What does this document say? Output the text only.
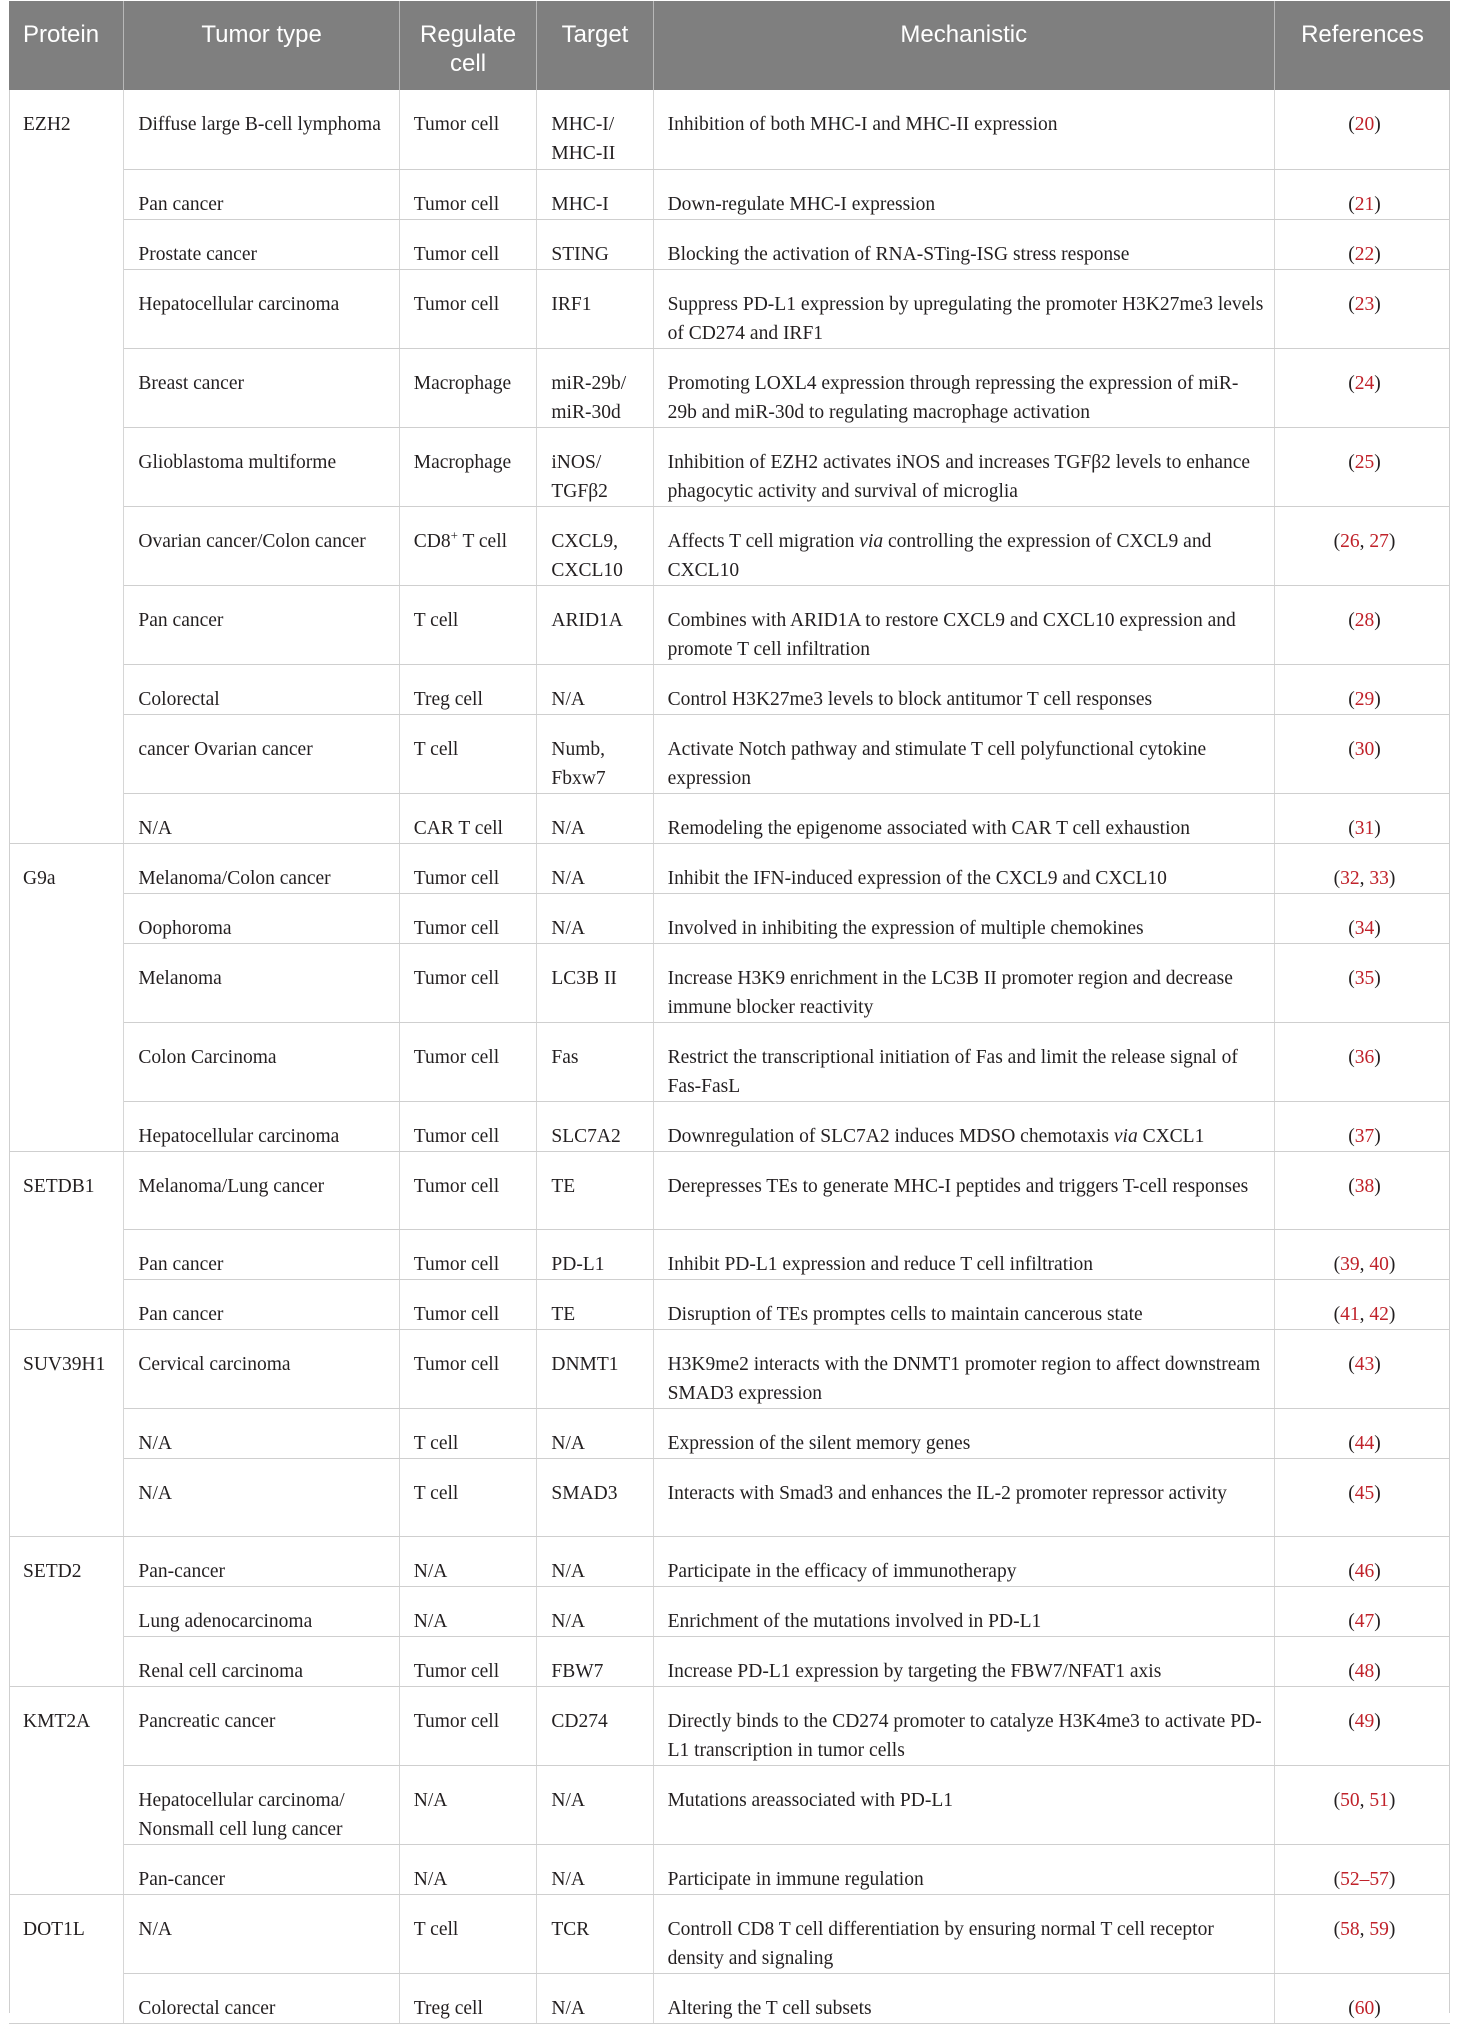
Protein	Tumor type	Regulate cell	Target	Mechanistic	References
EZH2	Diffuse large B-cell lymphoma	Tumor cell	MHC-I/ MHC-II	Inhibition of both MHC-I and MHC-II expression	(20)
	Pan cancer	Tumor cell	MHC-I	Down-regulate MHC-I expression	(21)
	Prostate cancer	Tumor cell	STING	Blocking the activation of RNA-STing-ISG stress response	(22)
	Hepatocellular carcinoma	Tumor cell	IRF1	Suppress PD-L1 expression by upregulating the promoter H3K27me3 levels of CD274 and IRF1	(23)
	Breast cancer	Macrophage	miR-29b/ miR-30d	Promoting LOXL4 expression through repressing the expression of miR-29b and miR-30d to regulating macrophage activation	(24)
	Glioblastoma multiforme	Macrophage	iNOS/ TGFβ2	Inhibition of EZH2 activates iNOS and increases TGFβ2 levels to enhance phagocytic activity and survival of microglia	(25)
	Ovarian cancer/Colon cancer	CD8+ T cell	CXCL9, CXCL10	Affects T cell migration via controlling the expression of CXCL9 and CXCL10	(26, 27)
	Pan cancer	T cell	ARID1A	Combines with ARID1A to restore CXCL9 and CXCL10 expression and promote T cell infiltration	(28)
	Colorectal	Treg cell	N/A	Control H3K27me3 levels to block antitumor T cell responses	(29)
	cancer Ovarian cancer	T cell	Numb, Fbxw7	Activate Notch pathway and stimulate T cell polyfunctional cytokine expression	(30)
	N/A	CAR T cell	N/A	Remodeling the epigenome associated with CAR T cell exhaustion	(31)
G9a	Melanoma/Colon cancer	Tumor cell	N/A	Inhibit the IFN-induced expression of the CXCL9 and CXCL10	(32, 33)
	Oophoroma	Tumor cell	N/A	Involved in inhibiting the expression of multiple chemokines	(34)
	Melanoma	Tumor cell	LC3B II	Increase H3K9 enrichment in the LC3B II promoter region and decrease immune blocker reactivity	(35)
	Colon Carcinoma	Tumor cell	Fas	Restrict the transcriptional initiation of Fas and limit the release signal of Fas-FasL	(36)
	Hepatocellular carcinoma	Tumor cell	SLC7A2	Downregulation of SLC7A2 induces MDSO chemotaxis via CXCL1	(37)
SETDB1	Melanoma/Lung cancer	Tumor cell	TE	Derepresses TEs to generate MHC-I peptides and triggers T-cell responses	(38)
	Pan cancer	Tumor cell	PD-L1	Inhibit PD-L1 expression and reduce T cell infiltration	(39, 40)
	Pan cancer	Tumor cell	TE	Disruption of TEs promptes cells to maintain cancerous state	(41, 42)
SUV39H1	Cervical carcinoma	Tumor cell	DNMT1	H3K9me2 interacts with the DNMT1 promoter region to affect downstream SMAD3 expression	(43)
	N/A	T cell	N/A	Expression of the silent memory genes	(44)
	N/A	T cell	SMAD3	Interacts with Smad3 and enhances the IL-2 promoter repressor activity	(45)
SETD2	Pan-cancer	N/A	N/A	Participate in the efficacy of immunotherapy	(46)
	Lung adenocarcinoma	N/A	N/A	Enrichment of the mutations involved in PD-L1	(47)
	Renal cell carcinoma	Tumor cell	FBW7	Increase PD-L1 expression by targeting the FBW7/NFAT1 axis	(48)
KMT2A	Pancreatic cancer	Tumor cell	CD274	Directly binds to the CD274 promoter to catalyze H3K4me3 to activate PD-L1 transcription in tumor cells	(49)
	Hepatocellular carcinoma/ Nonsmall cell lung cancer	N/A	N/A	Mutations areassociated with PD-L1	(50, 51)
	Pan-cancer	N/A	N/A	Participate in immune regulation	(52–57)
DOT1L	N/A	T cell	TCR	Controll CD8 T cell differentiation by ensuring normal T cell receptor density and signaling	(58, 59)
	Colorectal cancer	Treg cell	N/A	Altering the T cell subsets	(60)
